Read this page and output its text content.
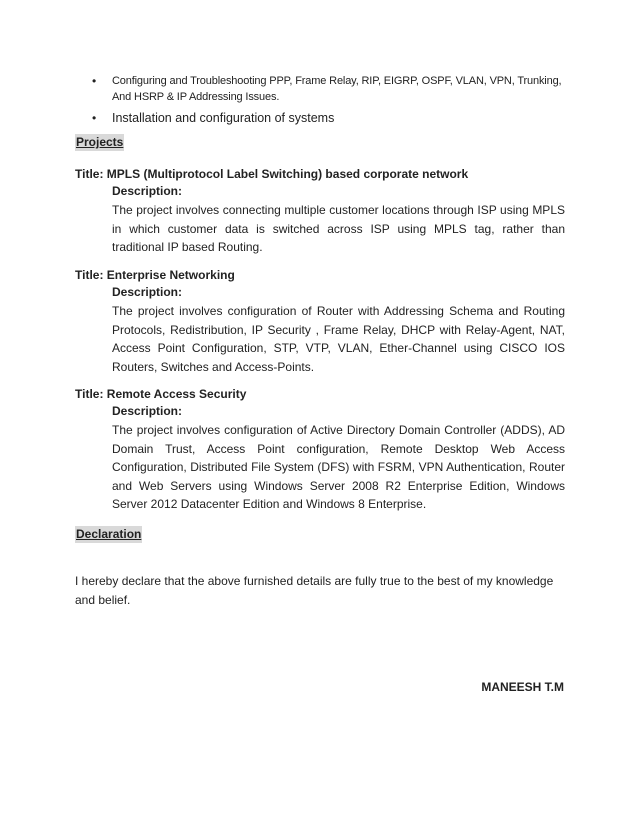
• Configuring and Troubleshooting PPP, Frame Relay, RIP, EIGRP, OSPF, VLAN, VPN, Trunking, And HSRP & IP Addressing Issues.
• Installation and configuration of systems
Projects
Title: MPLS (Multiprotocol Label Switching) based corporate network
Description:
The project involves connecting multiple customer locations through ISP using MPLS in which customer data is switched across ISP using MPLS tag, rather than traditional IP based Routing.
Title: Enterprise Networking
Description:
The project involves configuration of Router with Addressing Schema and Routing Protocols, Redistribution, IP Security , Frame Relay, DHCP with Relay-Agent, NAT, Access Point Configuration, STP, VTP, VLAN, Ether-Channel using CISCO IOS Routers, Switches and Access-Points.
Title: Remote Access Security
Description:
The project involves configuration of Active Directory Domain Controller (ADDS), AD Domain Trust, Access Point configuration, Remote Desktop Web Access Configuration, Distributed File System (DFS) with FSRM, VPN Authentication, Router and Web Servers using Windows Server 2008 R2 Enterprise Edition, Windows Server 2012 Datacenter Edition and Windows 8 Enterprise.
Declaration
I hereby declare that the above furnished details are fully true to the best of my knowledge and belief.
MANEESH T.M
